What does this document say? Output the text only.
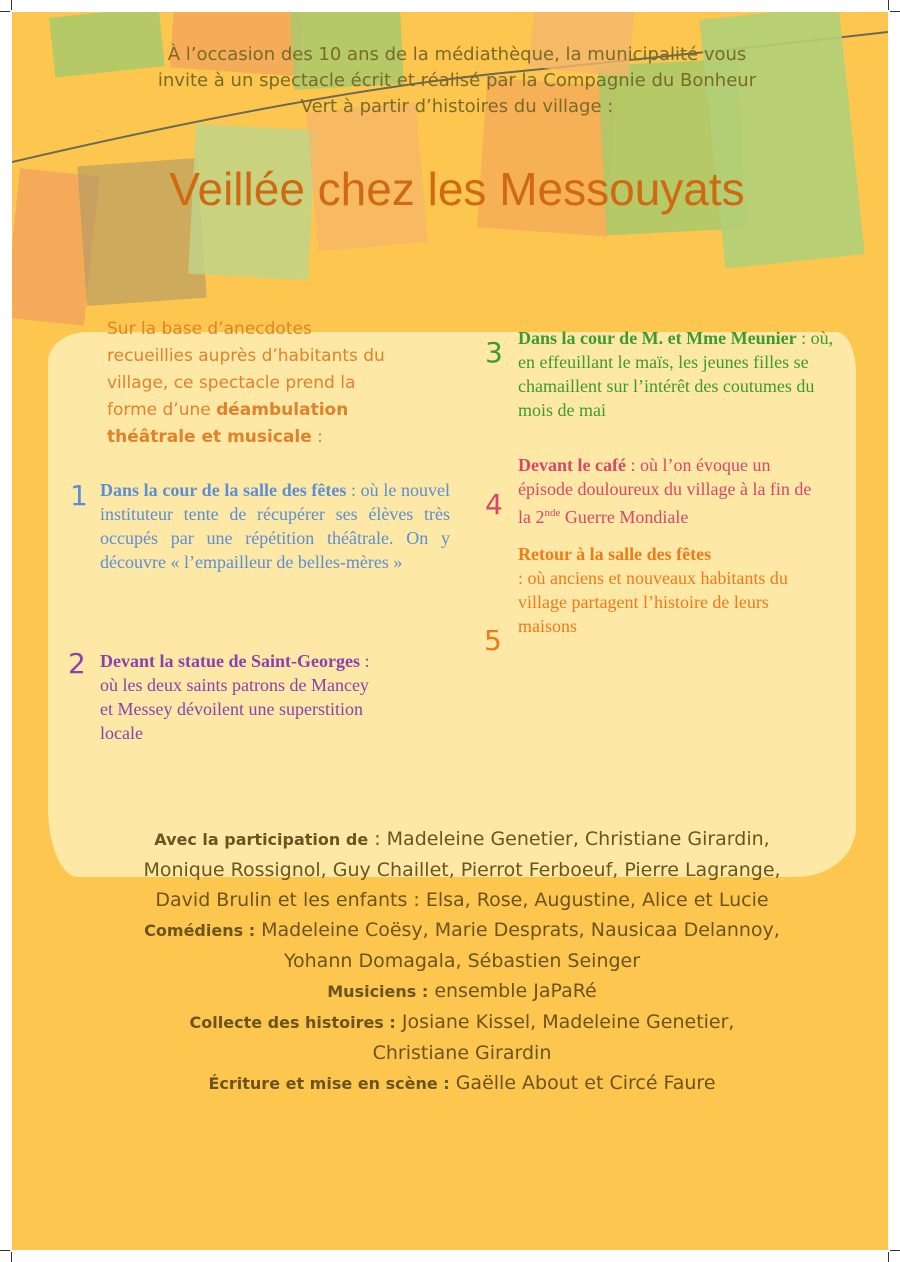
À l’occasion des 10 ans de la médiathèque, la municipalité vous
invite à un spectacle écrit et réalisé par la Compagnie du Bonheur
Vert à partir d’histoires du village :
Veillée chez les Messouyats
Sur la base d’anecdotes
recueillies auprès d’habitants du
village, ce spectacle prend la
forme d’une déambulation
théâtrale et musicale :
1 Dans la cour de la salle des fêtes : où le nouvel instituteur tente de récupérer ses élèves très occupés par une répétition théâtrale. On y découvre « l’empailleur de belles-mères »
2 Devant la statue de Saint-Georges : où les deux saints patrons de Mancey et Messey dévoilent une superstition locale
3 Dans la cour de M. et Mme Meunier : où, en effeuillant le maïs, les jeunes filles se chamaillent sur l’intérêt des coutumes du mois de mai
4
Devant le café : où l’on évoque un épisode douloureux du village à la fin de la 2nde Guerre Mondiale
5
Retour à la salle des fêtes
: où anciens et nouveaux habitants du village partagent l’histoire de leurs maisons
Avec la participation de : Madeleine Genetier, Christiane Girardin,
Monique Rossignol, Guy Chaillet, Pierrot Ferboeuf, Pierre Lagrange,
David Brulin et les enfants : Elsa, Rose, Augustine, Alice et Lucie
Comédiens : Madeleine Coësy, Marie Desprats, Nausicaa Delannoy,
Yohann Domagala, Sébastien Seinger
Musiciens : ensemble JaPaRé
Collecte des histoires : Josiane Kissel, Madeleine Genetier,
Christiane Girardin
Écriture et mise en scène : Gaëlle About et Circé Faure
